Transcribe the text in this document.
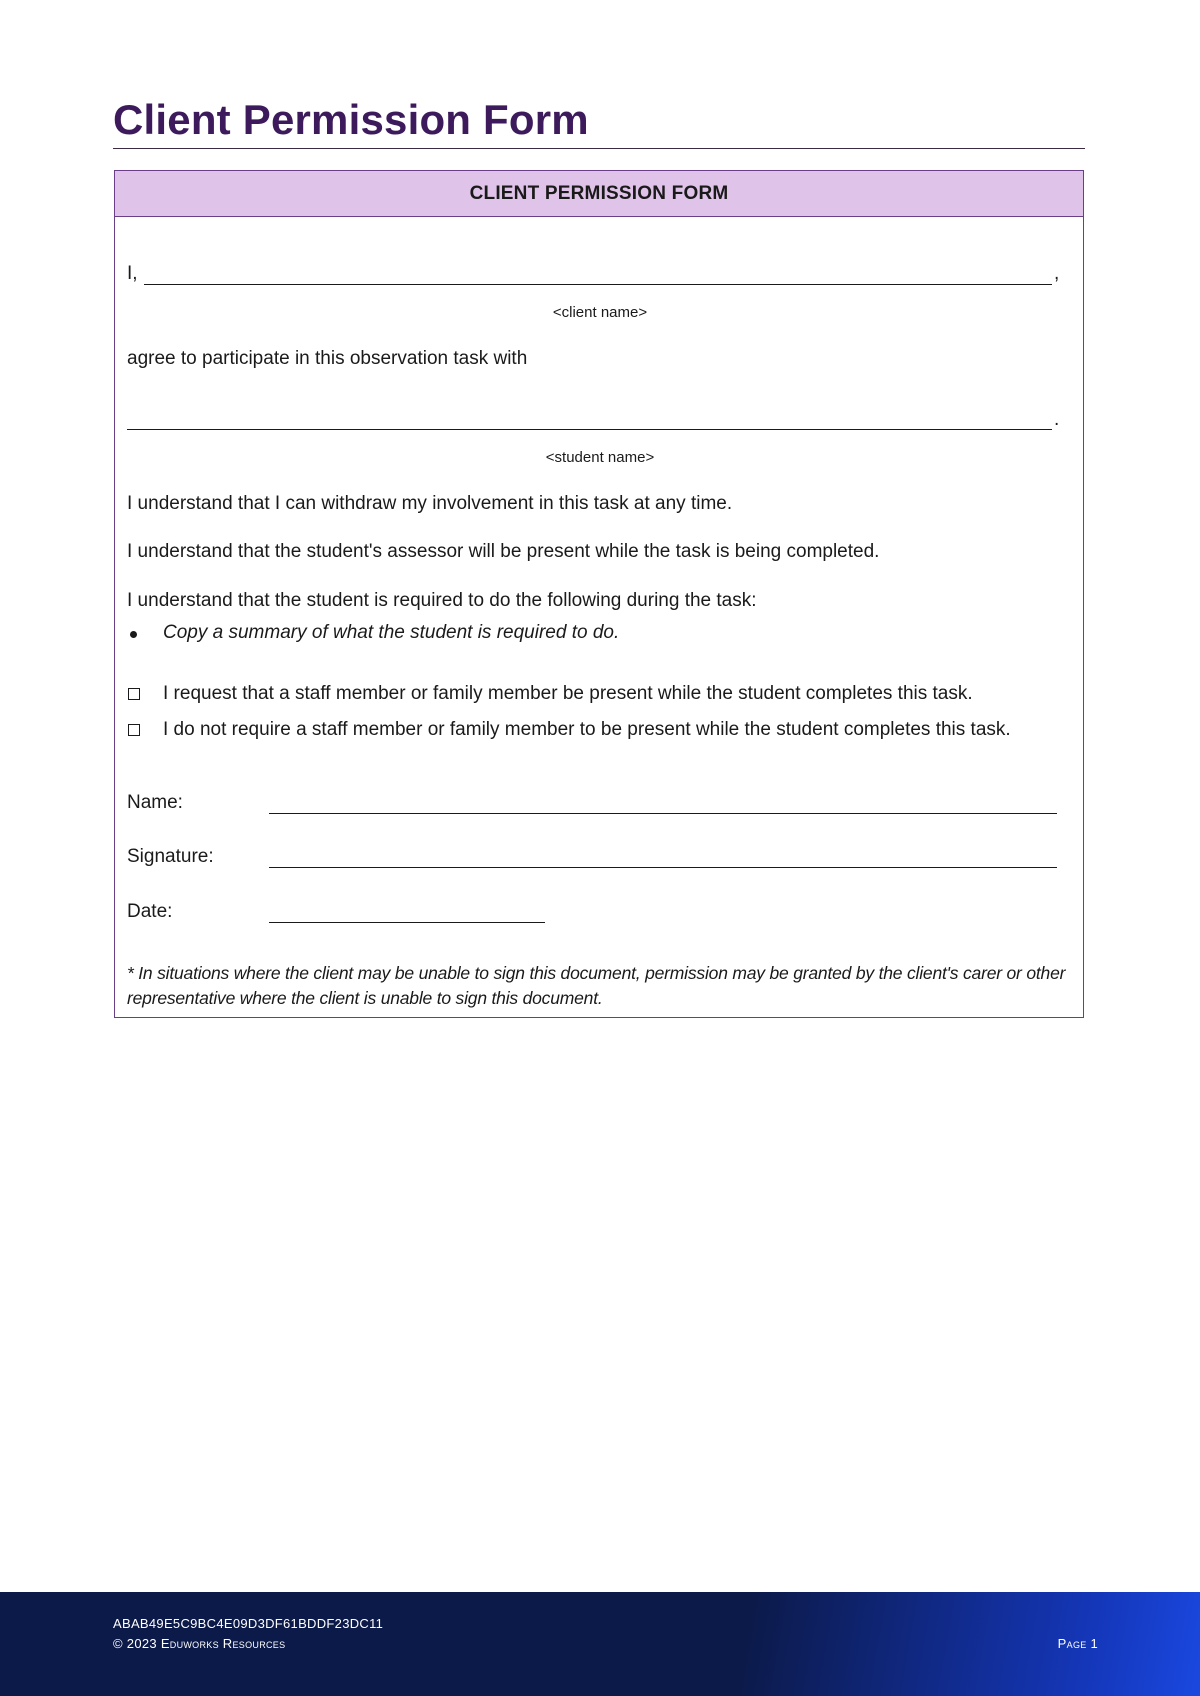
Client Permission Form
CLIENT PERMISSION FORM
I,	,
<client name>
agree to participate in this observation task with
.
<student name>
I understand that I can withdraw my involvement in this task at any time.
I understand that the student's assessor will be present while the task is being completed.
I understand that the student is required to do the following during the task:
Copy a summary of what the student is required to do.
I request that a staff member or family member be present while the student completes this task.
I do not require a staff member or family member to be present while the student completes this task.
Name:
Signature:
Date:
* In situations where the client may be unable to sign this document, permission may be granted by the client's carer or other representative where the client is unable to sign this document.
ABAB49E5C9BC4E09D3DF61BDDF23DC11
© 2023 Eduworks Resources	Page 1
